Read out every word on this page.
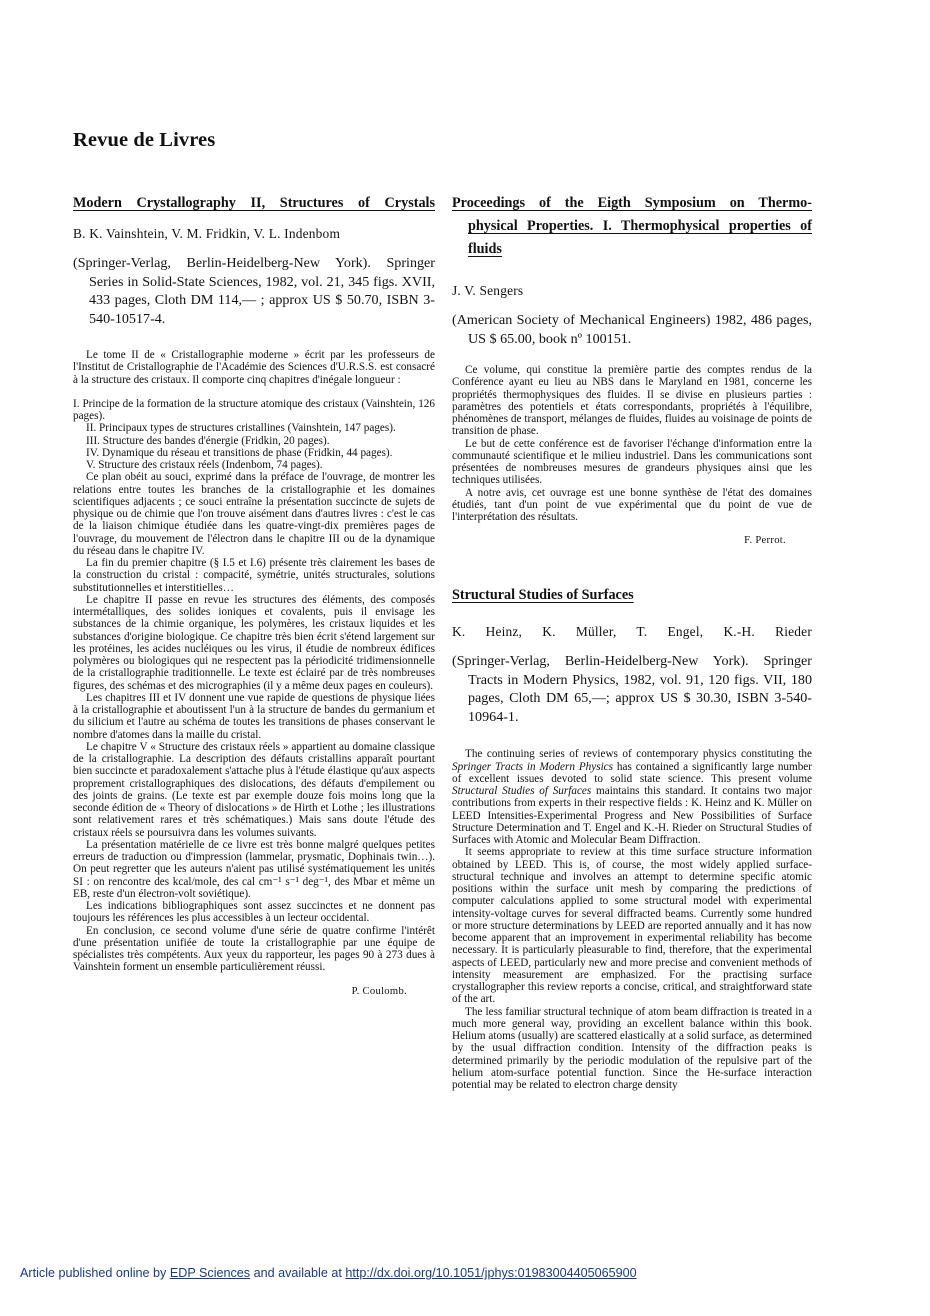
Revue de Livres
Modern Crystallography II, Structures of Crystals
B. K. Vainshtein, V. M. Fridkin, V. L. Indenbom
(Springer-Verlag, Berlin-Heidelberg-New York). Springer Series in Solid-State Sciences, 1982, vol. 21, 345 figs. XVII, 433 pages, Cloth DM 114,— ; approx US $ 50.70, ISBN 3-540-10517-4.

Le tome II de « Cristallographie moderne » écrit par les professeurs de l'Institut de Cristallographie de l'Académie des Sciences d'U.R.S.S. est consacré à la structure des cristaux. Il comporte cinq chapitres d'inégale longueur :

I. Principe de la formation de la structure atomique des cristaux (Vainshtein, 126 pages).

II. Principaux types de structures cristallines (Vainshtein, 147 pages).

III. Structure des bandes d'énergie (Fridkin, 20 pages).

IV. Dynamique du réseau et transitions de phase (Fridkin, 44 pages).

V. Structure des cristaux réels (Indenbom, 74 pages).

Ce plan obéit au souci, exprimé dans la préface de l'ouvrage, de montrer les relations entre toutes les branches de la cristallographie et les domaines scientifiques adjacents ; ce souci entraîne la présentation succincte de sujets de physique ou de chimie que l'on trouve aisément dans d'autres livres : c'est le cas de la liaison chimique étudiée dans les quatre-vingt-dix premières pages de l'ouvrage, du mouvement de l'électron dans le chapitre III ou de la dynamique du réseau dans le chapitre IV.

La fin du premier chapitre (§ I.5 et I.6) présente très clairement les bases de la construction du cristal : compacité, symétrie, unités structurales, solutions substitutionnelles et interstitielles…

Le chapitre II passe en revue les structures des éléments, des composés intermétalliques, des solides ioniques et covalents, puis il envisage les substances de la chimie organique, les polymères, les cristaux liquides et les substances d'origine biologique. Ce chapitre très bien écrit s'étend largement sur les protéines, les acides nucléiques ou les virus, il étudie de nombreux édifices polymères ou biologiques qui ne respectent pas la périodicité tridimensionnelle de la cristallographie traditionnelle. Le texte est éclairé par de très nombreuses figures, des schémas et des micrographies (il y a même deux pages en couleurs).

Les chapitres III et IV donnent une vue rapide de questions de physique liées à la cristallographie et aboutissent l'un à la structure de bandes du germanium et du silicium et l'autre au schéma de toutes les transitions de phases conservant le nombre d'atomes dans la maille du cristal.

Le chapitre V « Structure des cristaux réels » appartient au domaine classique de la cristallographie. La description des défauts cristallins apparaît pourtant bien succincte et paradoxalement s'attache plus à l'étude élastique qu'aux aspects proprement cristallographiques des dislocations, des défauts d'empilement ou des joints de grains. (Le texte est par exemple douze fois moins long que la seconde édition de « Theory of dislocations » de Hirth et Lothe ; les illustrations sont relativement rares et très schématiques.) Mais sans doute l'étude des cristaux réels se poursuivra dans les volumes suivants.

La présentation matérielle de ce livre est très bonne malgré quelques petites erreurs de traduction ou d'impression (lammelar, prysmatic, Dophinais twin…). On peut regretter que les auteurs n'aient pas utilisé systématiquement les unités SI : on rencontre des kcal/mole, des cal cm⁻¹ s⁻¹ deg⁻¹, des Mbar et même un EB, reste d'un électron-volt soviétique).

Les indications bibliographiques sont assez succinctes et ne donnent pas toujours les références les plus accessibles à un lecteur occidental.

En conclusion, ce second volume d'une série de quatre confirme l'intérêt d'une présentation unifiée de toute la cristallographie par une équipe de spécialistes très compétents. Aux yeux du rapporteur, les pages 90 à 273 dues à Vainshtein forment un ensemble particulièrement réussi.

P. Coulomb.
Proceedings of the Eigth Symposium on Thermo-
physical Properties. I. Thermophysical properties of
fluids
J. V. Sengers
(American Society of Mechanical Engineers) 1982, 486 pages, US $ 65.00, book nº 100151.

Ce volume, qui constitue la première partie des comptes rendus de la Conférence ayant eu lieu au NBS dans le Maryland en 1981, concerne les propriétés thermophysiques des fluides. Il se divise en plusieurs parties : paramètres des potentiels et états correspondants, propriétés à l'équilibre, phénomènes de transport, mélanges de fluides, fluides au voisinage de points de transition de phase.

Le but de cette conférence est de favoriser l'échange d'information entre la communauté scientifique et le milieu industriel. Dans les communications sont présentées de nombreuses mesures de grandeurs physiques ainsi que les techniques utilisées.

A notre avis, cet ouvrage est une bonne synthèse de l'état des domaines étudiés, tant d'un point de vue expérimental que du point de vue de l'interprétation des résultats.

F. Perrot.
Structural Studies of Surfaces
K. Heinz, K. Müller, T. Engel, K.-H. Rieder
(Springer-Verlag, Berlin-Heidelberg-New York). Springer Tracts in Modern Physics, 1982, vol. 91, 120 figs. VII, 180 pages, Cloth DM 65,—; approx US $ 30.30, ISBN 3-540-10964-1.

The continuing series of reviews of contemporary physics constituting the Springer Tracts in Modern Physics has contained a significantly large number of excellent issues devoted to solid state science. This present volume Structural Studies of Surfaces maintains this standard. It contains two major contributions from experts in their respective fields : K. Heinz and K. Müller on LEED Intensities-Experimental Progress and New Possibilities of Surface Structure Determination and T. Engel and K.-H. Rieder on Structural Studies of Surfaces with Atomic and Molecular Beam Diffraction.

It seems appropriate to review at this time surface structure information obtained by LEED. This is, of course, the most widely applied surface-structural technique and involves an attempt to determine specific atomic positions within the surface unit mesh by comparing the predictions of computer calculations applied to some structural model with experimental intensity-voltage curves for several diffracted beams. Currently some hundred or more structure determinations by LEED are reported annually and it has now become apparent that an improvement in experimental reliability has become necessary. It is particularly pleasurable to find, therefore, that the experimental aspects of LEED, particularly new and more precise and convenient methods of intensity measurement are emphasized. For the practising surface crystallographer this review reports a concise, critical, and straightforward state of the art.

The less familiar structural technique of atom beam diffraction is treated in a much more general way, providing an excellent balance within this book. Helium atoms (usually) are scattered elastically at a solid surface, as determined by the usual diffraction condition. Intensity of the diffraction peaks is determined primarily by the periodic modulation of the repulsive part of the helium atom-surface potential function. Since the He-surface interaction potential may be related to electron charge density

Article published online by EDP Sciences and available at http://dx.doi.org/10.1051/jphys:01983004405065900
